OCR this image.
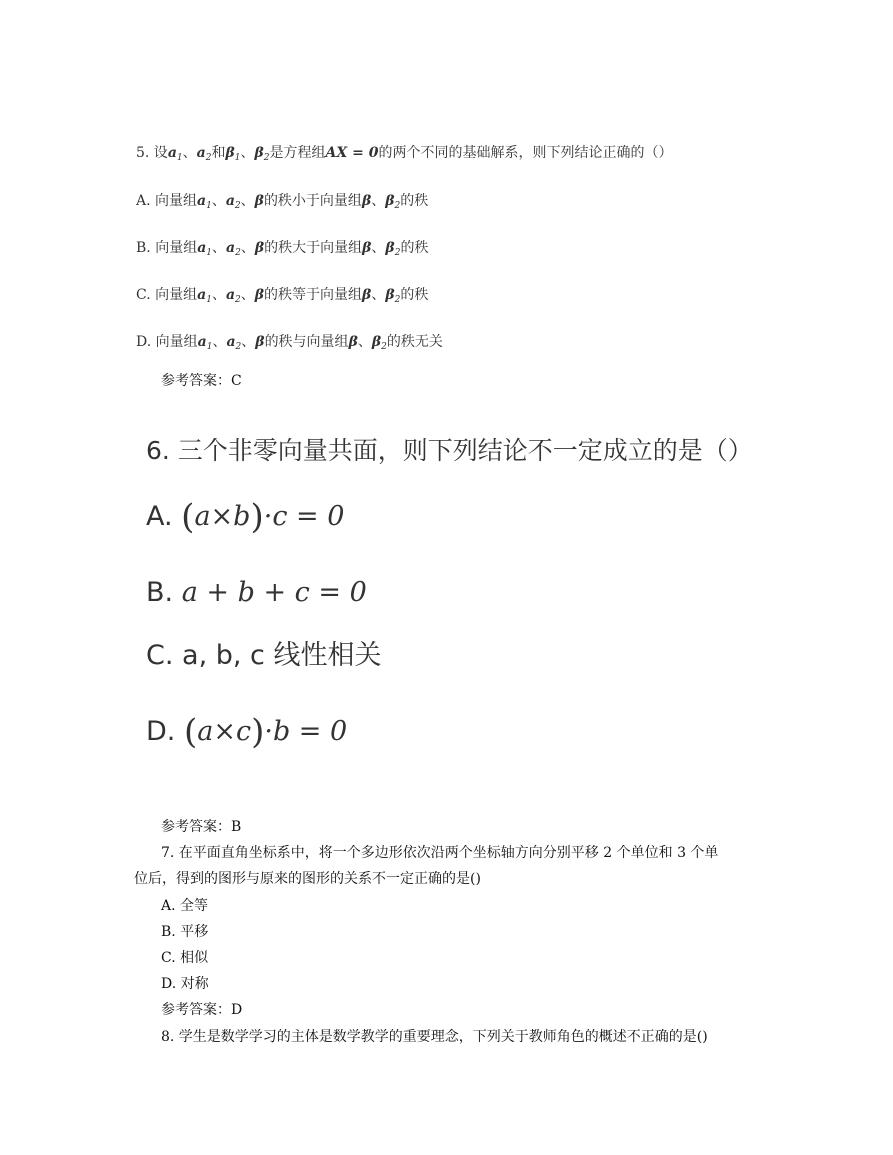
5. 设$a_1$、$a_2$和$\beta_1$、$\beta_2$是方程组AX = 0的两个不同的基础解系，则下列结论正确的（）
A. 向量组$a_1$、$a_2$、β的秩小于向量组β、$\beta_2$的秩
B. 向量组$a_1$、$a_2$、β的秩大于向量组β、$\beta_2$的秩
C. 向量组$a_1$、$a_2$、β的秩等于向量组β、$\beta_2$的秩
D. 向量组$a_1$、$a_2$、β的秩与向量组β、$\beta_2$的秩无关
参考答案：C
6. 三个非零向量共面，则下列结论不一定成立的是（）
A. (a×b)·c = 0
B. a + b + c = 0
C. a, b, c 线性相关
D. (a×c)·b = 0
参考答案：B
7. 在平面直角坐标系中，将一个多边形依次沿两个坐标轴方向分别平移 2 个单位和 3 个单
位后，得到的图形与原来的图形的关系不一定正确的是()
A. 全等
B. 平移
C. 相似
D. 对称
参考答案：D
8. 学生是数学学习的主体是数学教学的重要理念，下列关于教师角色的概述不正确的是()
